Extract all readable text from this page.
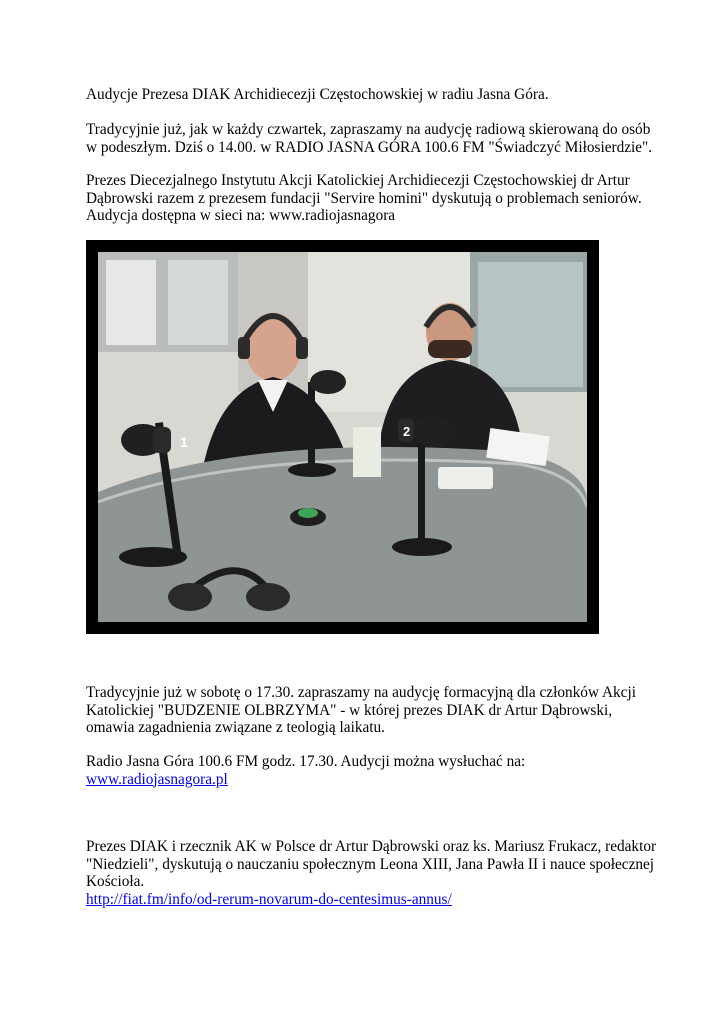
Audycje Prezesa DIAK Archidiecezji Częstochowskiej w radiu Jasna Góra.

Tradycyjnie już, jak w każdy czwartek, zapraszamy na audycję radiową skierowaną do osób
w podeszłym. Dziś o 14.00. w RADIO JASNA GÓRA 100.6 FM "Świadczyć Miłosierdzie".

Prezes Diecezjalnego Instytutu Akcji Katolickiej Archidiecezji Częstochowskiej dr Artur
Dąbrowski razem z prezesem fundacji "Servire homini" dyskutują o problemach seniorów.
Audycja dostępna w sieci na: www.radiojasnagora

1
2

Tradycyjnie już w sobotę o 17.30. zapraszamy na audycję formacyjną dla członków Akcji
Katolickiej "BUDZENIE OLBRZYMA" - w której prezes DIAK dr Artur Dąbrowski,
omawia zagadnienia związane z teologią laikatu.

Radio Jasna Góra 100.6 FM godz. 17.30. Audycji można wysłuchać na:
www.radiojasnagora.pl

Prezes DIAK i rzecznik AK w Polsce dr Artur Dąbrowski oraz ks. Mariusz Frukacz, redaktor
"Niedzieli", dyskutują o nauczaniu społecznym Leona XIII, Jana Pawła II i nauce społecznej
Kościoła.
http://fiat.fm/info/od-rerum-novarum-do-centesimus-annus/
